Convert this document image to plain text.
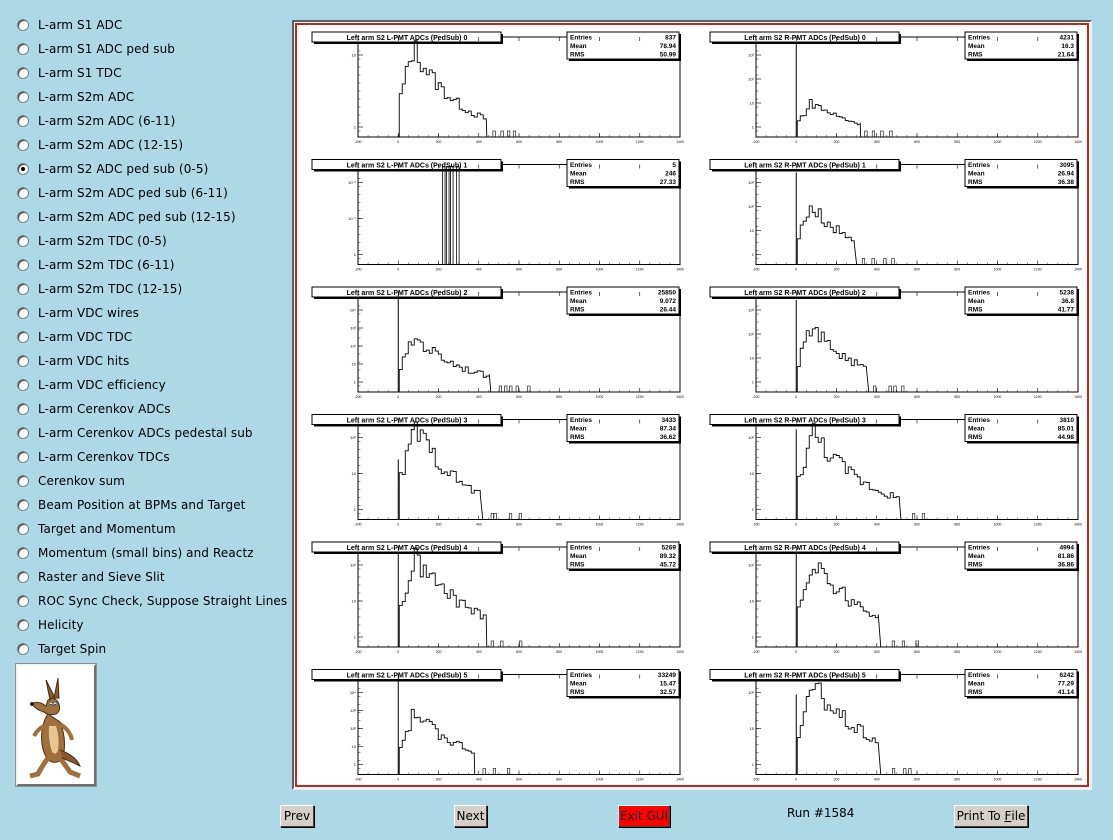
L-arm S1 ADC
L-arm S1 ADC ped sub
L-arm S1 TDC
L-arm S2m ADC
L-arm S2m ADC (6-11)
L-arm S2m ADC (12-15)
L-arm S2 ADC ped sub (0-5)
L-arm S2m ADC ped sub (6-11)
L-arm S2m ADC ped sub (12-15)
L-arm S2m TDC (0-5)
L-arm S2m TDC (6-11)
L-arm S2m TDC (12-15)
L-arm VDC wires
L-arm VDC TDC
L-arm VDC hits
L-arm VDC efficiency
L-arm Cerenkov ADCs
L-arm Cerenkov ADCs pedestal sub
L-arm Cerenkov TDCs
Cerenkov sum
Beam Position at BPMs and Target
Target and Momentum
Momentum (small bins) and Reactz
Raster and Sieve Slit
ROC Sync Check, Suppose Straight Lines
Helicity
Target Spin
Left arm S2 L-PMT ADCs (PedSub) 0	Entries	837
Mean	78.94
RMS	50.99
-200	0	200	400	600	800	1000	1200	1400
1
10
Left arm S2 R-PMT ADCs (PedSub) 0	Entries	4231
Mean	16.3
RMS	21.64
-200	0	200	400	600	800	1000	1200	1400
1
10
10²
10³
Left arm S2 L-PMT ADCs (PedSub) 1	Entries	5
Mean	246
RMS	27.33
-200	0	200	400	600	800	1000	1200	1400
1
10⁻¹
10⁻²
Left arm S2 R-PMT ADCs (PedSub) 1	Entries	3095
Mean	26.94
RMS	36.38
-200	0	200	400	600	800	1000	1200	1400
1
10
10²
10³
Left arm S2 L-PMT ADCs (PedSub) 2	Entries	25850
Mean	9.072
RMS	26.44
-200	0	200	400	600	800	1000	1200	1400
1
10
10²
10³
10⁴
Left arm S2 R-PMT ADCs (PedSub) 2	Entries	5238
Mean	36.8
RMS	41.77
-200	0	200	400	600	800	1000	1200	1400
1
10
10²
10³
Left arm S2 L-PMT ADCs (PedSub) 3	Entries	3433
Mean	87.34
RMS	36.62
-200	0	200	400	600	800	1000	1200	1400
1
10
10²
Left arm S2 R-PMT ADCs (PedSub) 3	Entries	3810
Mean	85.01
RMS	44.98
-200	0	200	400	600	800	1000	1200	1400
1
10
10²
Left arm S2 L-PMT ADCs (PedSub) 4	Entries	5269
Mean	89.32
RMS	45.72
-200	0	200	400	600	800	1000	1200	1400
1
10
10²
Left arm S2 R-PMT ADCs (PedSub) 4	Entries	4994
Mean	81.86
RMS	36.86
-200	0	200	400	600	800	1000	1200	1400
1
10
10²
Left arm S2 L-PMT ADCs (PedSub) 5	Entries	33249
Mean	15.47
RMS	32.57
-200	0	200	400	600	800	1000	1200	1400
1
10
10²
10³
10⁴
Left arm S2 R-PMT ADCs (PedSub) 5	Entries	6242
Mean	77.29
RMS	41.14
-200	0	200	400	600	800	1000	1200	1400
1
10
10²
Prev	Next	Exit GUI	Run #1584	Print To F ile
